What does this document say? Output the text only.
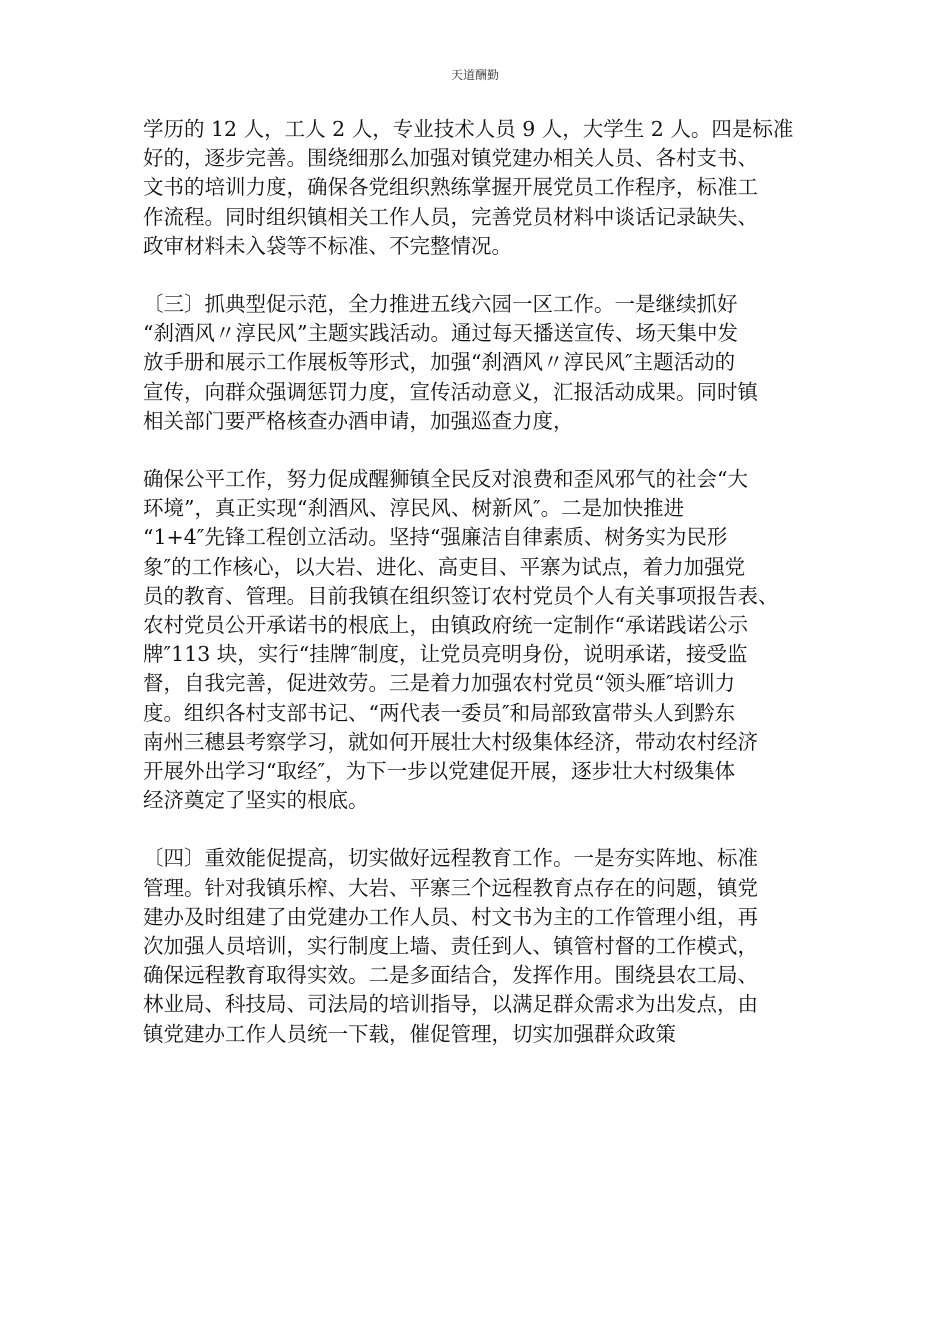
天道酬勤
学历的 12 人，工人 2 人，专业技术人员 9 人，大学生 2 人。四是标准
好的，逐步完善。围绕细那么加强对镇党建办相关人员、各村支书、
文书的培训力度，确保各党组织熟练掌握开展党员工作程序，标准工
作流程。同时组织镇相关工作人员，完善党员材料中谈话记录缺失、
政审材料未入袋等不标准、不完整情况。
〔三〕抓典型促示范，全力推进五线六园一区工作。一是继续抓好
“刹酒风〃淳民风”主题实践活动。通过每天播送宣传、场天集中发
放手册和展示工作展板等形式，加强“刹酒风〃淳民风″主题活动的
宣传，向群众强调惩罚力度，宣传活动意义，汇报活动成果。同时镇
相关部门要严格核查办酒申请，加强巡查力度，
确保公平工作，努力促成醒狮镇全民反对浪费和歪风邪气的社会“大
环境”，真正实现“刹酒风、淳民风、树新风″。二是加快推进
“1+4″先锋工程创立活动。坚持“强廉洁自律素质、树务实为民形
象″的工作核心，以大岩、进化、高吏目、平寨为试点，着力加强党
员的教育、管理。目前我镇在组织签订农村党员个人有关事项报告表、
农村党员公开承诺书的根底上，由镇政府统一定制作“承诺践诺公示
牌″113 块，实行“挂牌″制度，让党员亮明身份，说明承诺，接受监
督，自我完善，促进效劳。三是着力加强农村党员“领头雁″培训力
度。组织各村支部书记、“两代表一委员″和局部致富带头人到黔东
南州三穗县考察学习，就如何开展壮大村级集体经济，带动农村经济
开展外出学习“取经″，为下一步以党建促开展，逐步壮大村级集体
经济奠定了坚实的根底。
〔四〕重效能促提高，切实做好远程教育工作。一是夯实阵地、标准
管理。针对我镇乐榨、大岩、平寨三个远程教育点存在的问题，镇党
建办及时组建了由党建办工作人员、村文书为主的工作管理小组，再
次加强人员培训，实行制度上墙、责任到人、镇管村督的工作模式，
确保远程教育取得实效。二是多面结合，发挥作用。围绕县农工局、
林业局、科技局、司法局的培训指导，以满足群众需求为出发点，由
镇党建办工作人员统一下载，催促管理，切实加强群众政策
